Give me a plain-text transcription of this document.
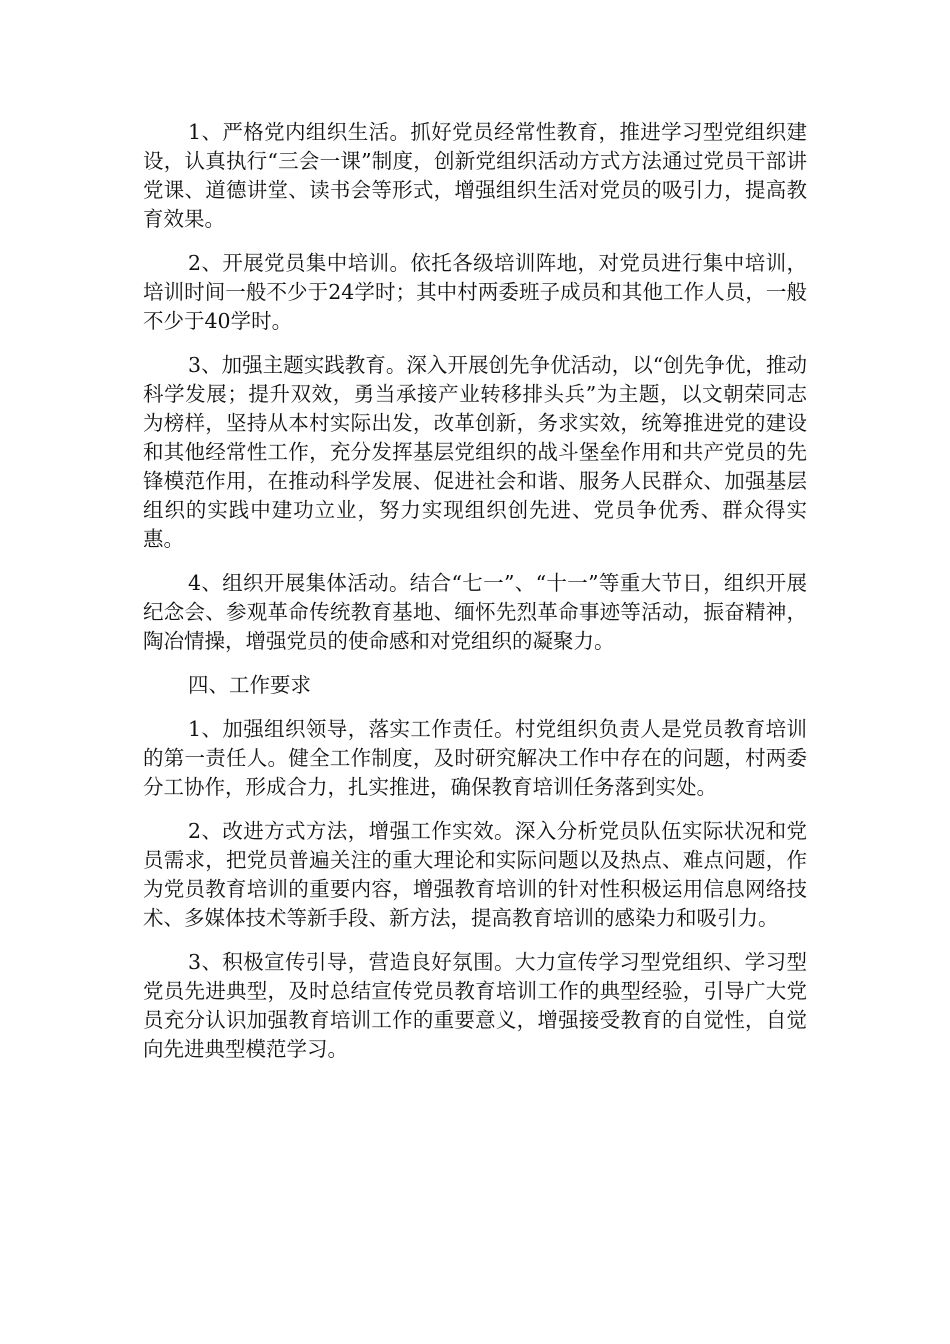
1、严格党内组织生活。抓好党员经常性教育，推进学习型党组织建设，认真执行“三会一课”制度，创新党组织活动方式方法通过党员干部讲党课、道德讲堂、读书会等形式，增强组织生活对党员的吸引力，提高教育效果。

2、开展党员集中培训。依托各级培训阵地，对党员进行集中培训，培训时间一般不少于24学时；其中村两委班子成员和其他工作人员，一般不少于40学时。

3、加强主题实践教育。深入开展创先争优活动，以“创先争优，推动科学发展；提升双效，勇当承接产业转移排头兵”为主题，以文朝荣同志为榜样，坚持从本村实际出发，改革创新，务求实效，统筹推进党的建设和其他经常性工作，充分发挥基层党组织的战斗堡垒作用和共产党员的先锋模范作用，在推动科学发展、促进社会和谐、服务人民群众、加强基层组织的实践中建功立业，努力实现组织创先进、党员争优秀、群众得实惠。

4、组织开展集体活动。结合“七一”、“十一”等重大节日，组织开展纪念会、参观革命传统教育基地、缅怀先烈革命事迹等活动，振奋精神，陶冶情操，增强党员的使命感和对党组织的凝聚力。

四、工作要求

1、加强组织领导，落实工作责任。村党组织负责人是党员教育培训的第一责任人。健全工作制度，及时研究解决工作中存在的问题，村两委分工协作，形成合力，扎实推进，确保教育培训任务落到实处。

2、改进方式方法，增强工作实效。深入分析党员队伍实际状况和党员需求，把党员普遍关注的重大理论和实际问题以及热点、难点问题，作为党员教育培训的重要内容，增强教育培训的针对性积极运用信息网络技术、多媒体技术等新手段、新方法，提高教育培训的感染力和吸引力。

3、积极宣传引导，营造良好氛围。大力宣传学习型党组织、学习型党员先进典型，及时总结宣传党员教育培训工作的典型经验，引导广大党员充分认识加强教育培训工作的重要意义，增强接受教育的自觉性，自觉向先进典型模范学习。
